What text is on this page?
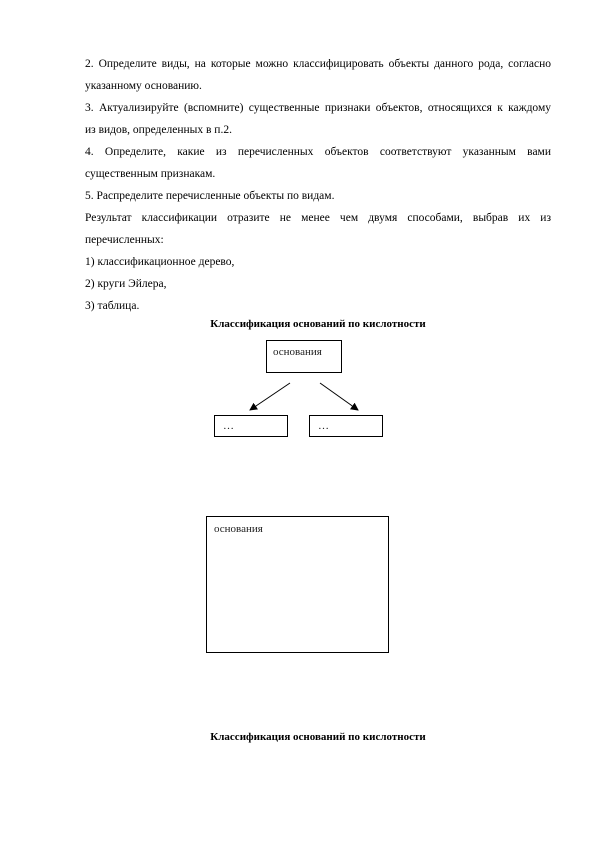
2. Определите виды, на которые можно классифицировать объекты данного рода, согласно
указанному основанию.
3. Актуализируйте (вспомните) существенные признаки объектов, относящихся к каждому
из видов, определенных в п.2.
4. Определите, какие из перечисленных объектов соответствуют указанным вами
существенным признакам.
5. Распределите перечисленные объекты по видам.
Результат классификации отразите не менее чем двумя способами, выбрав их из
перечисленных:
1) классификационное дерево,
2) круги Эйлера,
3) таблица.
Классификация оснований по кислотности
основания
…	…
основания
Классификация оснований по кислотности
